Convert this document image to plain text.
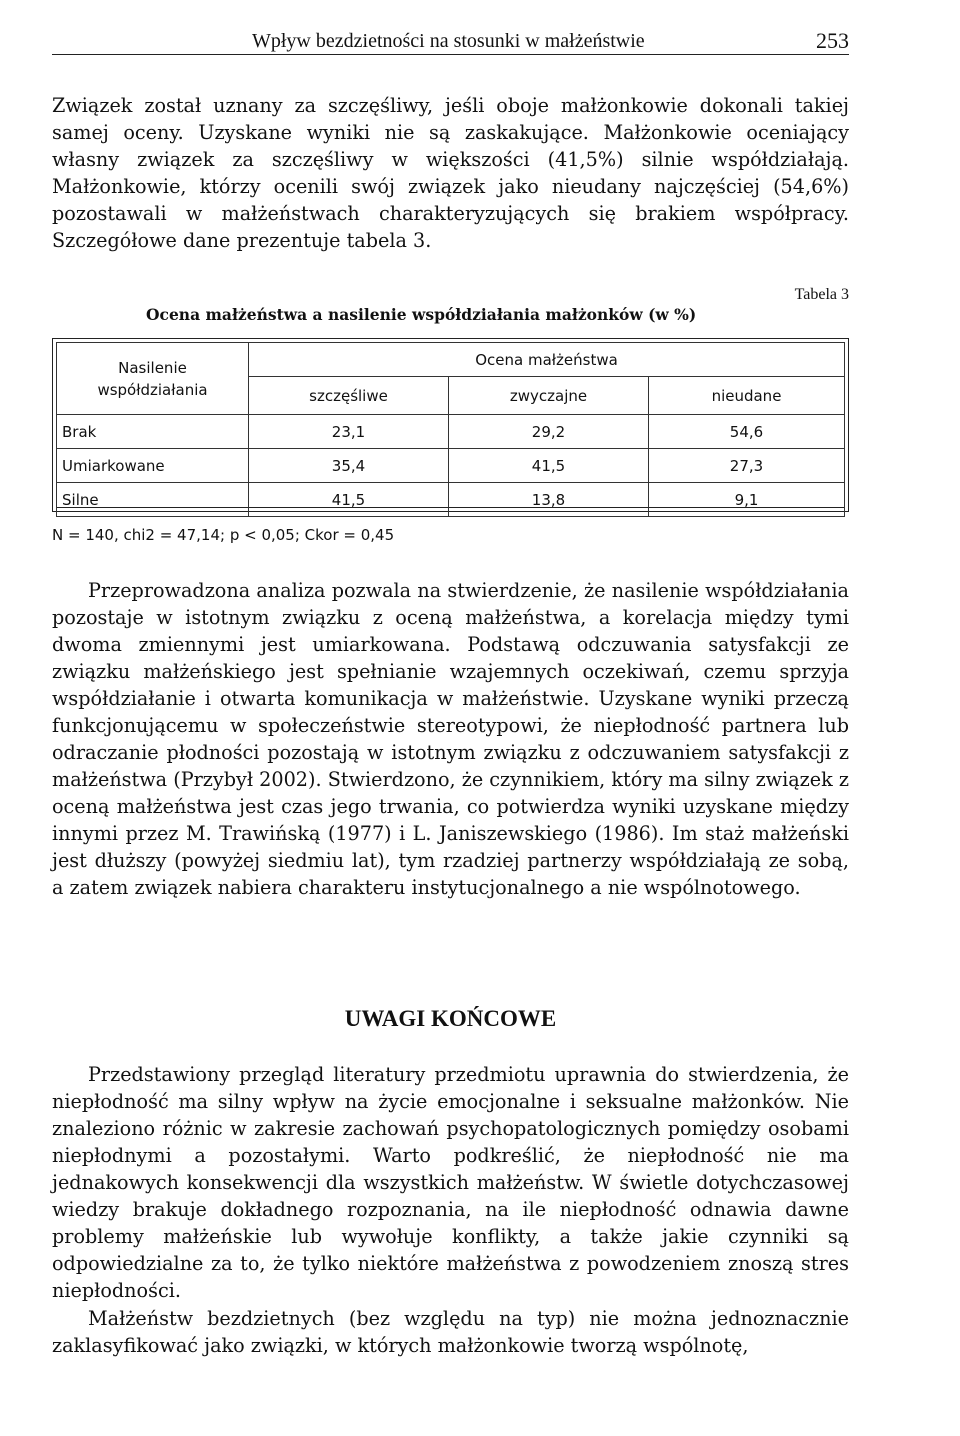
Wpływ bezdzietności na stosunki w małżeństwie	253

Związek został uznany za szczęśliwy, jeśli oboje małżonkowie dokonali takiej samej oceny. Uzyskane wyniki nie są zaskakujące. Małżonkowie oceniający własny związek za szczęśliwy w większości (41,5%) silnie współdziałają. Małżonkowie, którzy ocenili swój związek jako nieudany najczęściej (54,6%) pozostawali w małżeństwach charakteryzujących się brakiem współpracy. Szczegółowe dane prezentuje tabela 3.

Tabela 3
Ocena małżeństwa a nasilenie współdziałania małżonków (w %)
Nasilenie współdziałania	Ocena małżeństwa		
	szczęśliwe	zwyczajne	nieudane
Brak	23,1	29,2	54,6
Umiarkowane	35,4	41,5	27,3
Silne	41,5	13,8	9,1
N = 140, chi2 = 47,14; p < 0,05; Ckor = 0,45

Przeprowadzona analiza pozwala na stwierdzenie, że nasilenie współdziałania pozostaje w istotnym związku z oceną małżeństwa, a korelacja między tymi dwoma zmiennymi jest umiarkowana. Podstawą odczuwania satysfakcji ze związku małżeńskiego jest spełnianie wzajemnych oczekiwań, czemu sprzyja współdziałanie i otwarta komunikacja w małżeństwie. Uzyskane wyniki przeczą funkcjonującemu w społeczeństwie stereotypowi, że niepłodność partnera lub odraczanie płodności pozostają w istotnym związku z odczuwaniem satysfakcji z małżeństwa (Przybył 2002). Stwierdzono, że czynnikiem, który ma silny związek z oceną małżeństwa jest czas jego trwania, co potwierdza wyniki uzyskane między innymi przez M. Trawińską (1977) i L. Janiszewskiego (1986). Im staż małżeński jest dłuższy (powyżej siedmiu lat), tym rzadziej partnerzy współdziałają ze sobą, a zatem związek nabiera charakteru instytucjonalnego a nie wspólnotowego.

UWAGI KOŃCOWE

Przedstawiony przegląd literatury przedmiotu uprawnia do stwierdzenia, że niepłodność ma silny wpływ na życie emocjonalne i seksualne małżonków. Nie znaleziono różnic w zakresie zachowań psychopatologicznych pomiędzy osobami niepłodnymi a pozostałymi. Warto podkreślić, że niepłodność nie ma jednakowych konsekwencji dla wszystkich małżeństw. W świetle dotychczasowej wiedzy brakuje dokładnego rozpoznania, na ile niepłodność odnawia dawne problemy małżeńskie lub wywołuje konflikty, a także jakie czynniki są odpowiedzialne za to, że tylko niektóre małżeństwa z powodzeniem znoszą stres niepłodności.

Małżeństw bezdzietnych (bez względu na typ) nie można jednoznacznie zaklasyfikować jako związki, w których małżonkowie tworzą wspólnotę,
